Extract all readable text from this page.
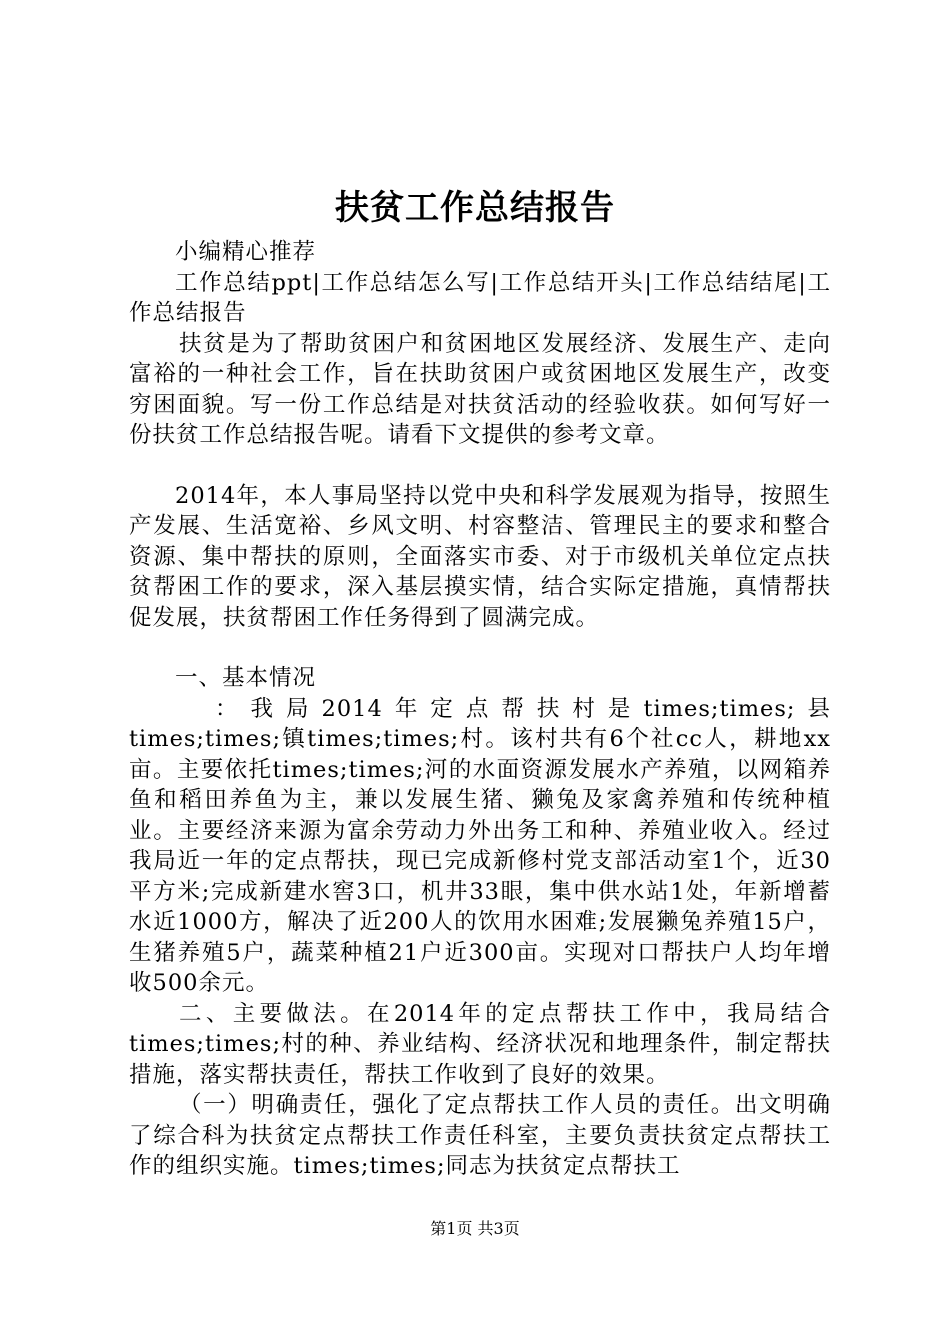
扶贫工作总结报告

小编精心推荐

工作总结ppt|工作总结怎么写|工作总结开头|工作总结结尾|工作总结报告

扶贫是为了帮助贫困户和贫困地区发展经济、发展生产、走向富裕的一种社会工作，旨在扶助贫困户或贫困地区发展生产，改变穷困面貌。写一份工作总结是对扶贫活动的经验收获。如何写好一份扶贫工作总结报告呢。请看下文提供的参考文章。

2014年，本人事局坚持以党中央和科学发展观为指导，按照生产发展、生活宽裕、乡风文明、村容整洁、管理民主的要求和整合资源、集中帮扶的原则，全面落实市委、对于市级机关单位定点扶贫帮困工作的要求，深入基层摸实情，结合实际定措施，真情帮扶促发展，扶贫帮困工作任务得到了圆满完成。

一、基本情况

：我局2014年定点帮扶村是times;times;县

times;times;镇times;times;村。该村共有6个社cc人，耕地xx亩。主要依托times;times;河的水面资源发展水产养殖，以网箱养鱼和稻田养鱼为主，兼以发展生猪、獭兔及家禽养殖和传统种植业。主要经济来源为富余劳动力外出务工和种、养殖业收入。经过我局近一年的定点帮扶，现已完成新修村党支部活动室1个，近30平方米;完成新建水窖3口，机井33眼，集中供水站1处，年新增蓄水近1000方，解决了近200人的饮用水困难;发展獭兔养殖15户，生猪养殖5户，蔬菜种植21户近300亩。实现对口帮扶户人均年增收500余元。

二、主要做法。在2014年的定点帮扶工作中，我局结合times;times;村的种、养业结构、经济状况和地理条件，制定帮扶措施，落实帮扶责任，帮扶工作收到了良好的效果。

（一）明确责任，强化了定点帮扶工作人员的责任。出文明确了综合科为扶贫定点帮扶工作责任科室，主要负责扶贫定点帮扶工作的组织实施。times;times;同志为扶贫定点帮扶工

第1页 共3页
